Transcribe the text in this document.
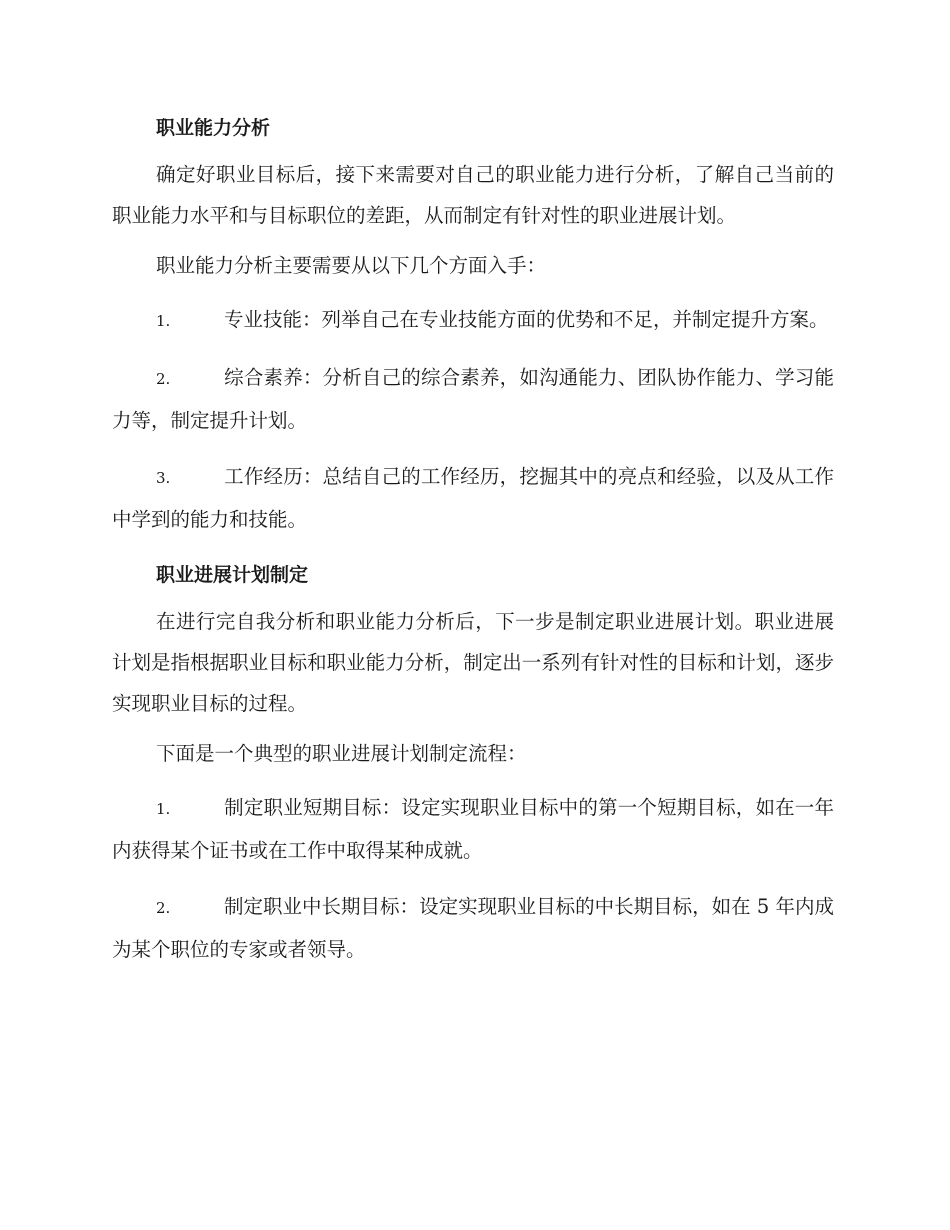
职业能力分析

确定好职业目标后，接下来需要对自己的职业能力进行分析，了解自己当前的职业能力水平和与目标职位的差距，从而制定有针对性的职业进展计划。

职业能力分析主要需要从以下几个方面入手：

1.	专业技能：列举自己在专业技能方面的优势和不足，并制定提升方案。

2.	综合素养：分析自己的综合素养，如沟通能力、团队协作能力、学习能力等，制定提升计划。

3.	工作经历：总结自己的工作经历，挖掘其中的亮点和经验，以及从工作中学到的能力和技能。

职业进展计划制定

在进行完自我分析和职业能力分析后，下一步是制定职业进展计划。职业进展计划是指根据职业目标和职业能力分析，制定出一系列有针对性的目标和计划，逐步实现职业目标的过程。

下面是一个典型的职业进展计划制定流程：

1.	制定职业短期目标：设定实现职业目标中的第一个短期目标，如在一年内获得某个证书或在工作中取得某种成就。

2.	制定职业中长期目标：设定实现职业目标的中长期目标，如在 5 年内成为某个职位的专家或者领导。
